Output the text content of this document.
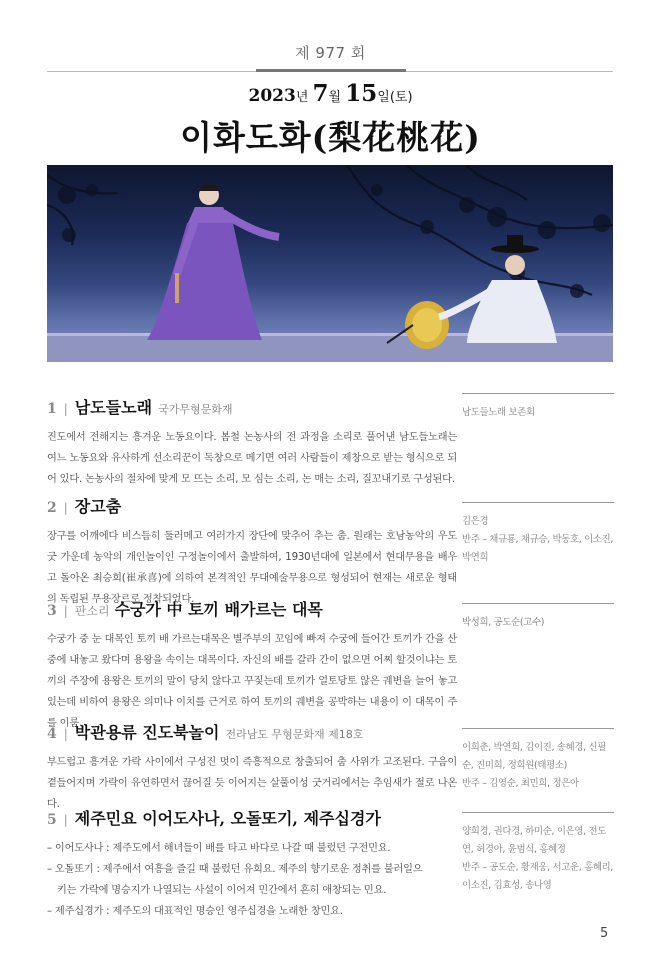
제 977 회
2023년 7월 15일(토)
이화도화(梨花桃花)
1 | 남도들노래 국가무형문화재

진도에서 전해지는 흥겨운 노동요이다. 봄철 논농사의 전 과정을 소리로 풀어낸 남도들노래는 여느 노동요와 유사하게 선소리꾼이 독창으로 메기면 여러 사람들이 제창으로 받는 형식으로 되어 있다. 논농사의 절차에 맞게 모 뜨는 소리, 모 심는 소리, 논 매는 소리, 질꼬내기로 구성된다.

2 | 장고춤

장구를 어깨에다 비스듬히 둘러메고 여러가지 장단에 맞추어 추는 춤. 원래는 호남농악의 우도굿 가운데 농악의 개인놀이인 구정놀이에서 출발하여, 1930년대에 일본에서 현대무용을 배우고 돌아온 최승희(崔承喜)에 의하여 본격적인 무대예술무용으로 형성되어 현재는 새로운 형태의 독립된 무용장르로 정착되었다.

3 | 판소리 수궁가 中 토끼 배가르는 대목

수궁가 중 눈 대목인 토끼 배 가르는대목은 별주부의 꼬임에 빠져 수궁에 들어간 토끼가 간을 산중에 내놓고 왔다며 용왕을 속이는 대목이다. 자신의 배를 갈라 간이 없으면 어찌 할것이냐는 토끼의 주장에 용왕은 토끼의 말이 당치 않다고 꾸짖는데 토끼가 얼토당토 않은 궤변을 늘어 놓고 있는데 비하여 용왕은 의미나 이치를 근거로 하여 토끼의 궤변을 공박하는 내용이 이 대목이 주를 이룸.

4 | 박관용류 진도북놀이 전라남도 무형문화재 제18호

부드럽고 흥겨운 가락 사이에서 구성진 멋이 즉흥적으로 창출되어 춤 사위가 고조된다. 구음이 곁들어지며 가락이 유연하면서 끊어질 듯 이어지는 살풀이성 굿거리에서는 추임새가 절로 나온다.

5 | 제주민요 이어도사나, 오돌또기, 제주십경가

– 이어도사나 : 제주도에서 해녀들이 배를 타고 바다로 나갈 때 불렀던 구전민요.

– 오돌또기 : 제주에서 여흥을 즐길 때 불렀던 유희요. 제주의 향기로운 정취를 불러일으

키는 가락에 명승지가 나열되는 사설이 이어져 민간에서 흔히 애창되는 민요.

– 제주십경가 : 제주도의 대표적인 명승인 영주십경을 노래한 창민요.

남도들노래 보존회

김은경

반주 – 채규룡, 채규승, 박동호, 이소진, 박연희

박성희, 공도순(고수)

이희춘, 박연희, 김이진, 송혜경, 신필순, 진미희, 정희원(태평소)

반주 – 김영순, 최민희, 정은아

양희경, 권다경, 하미순, 이은영, 전도연, 허경아, 윤범식, 홍혜정

반주 – 공도순, 황재웅, 서고운, 홍혜리, 이소진, 김효성, 송나영

5
